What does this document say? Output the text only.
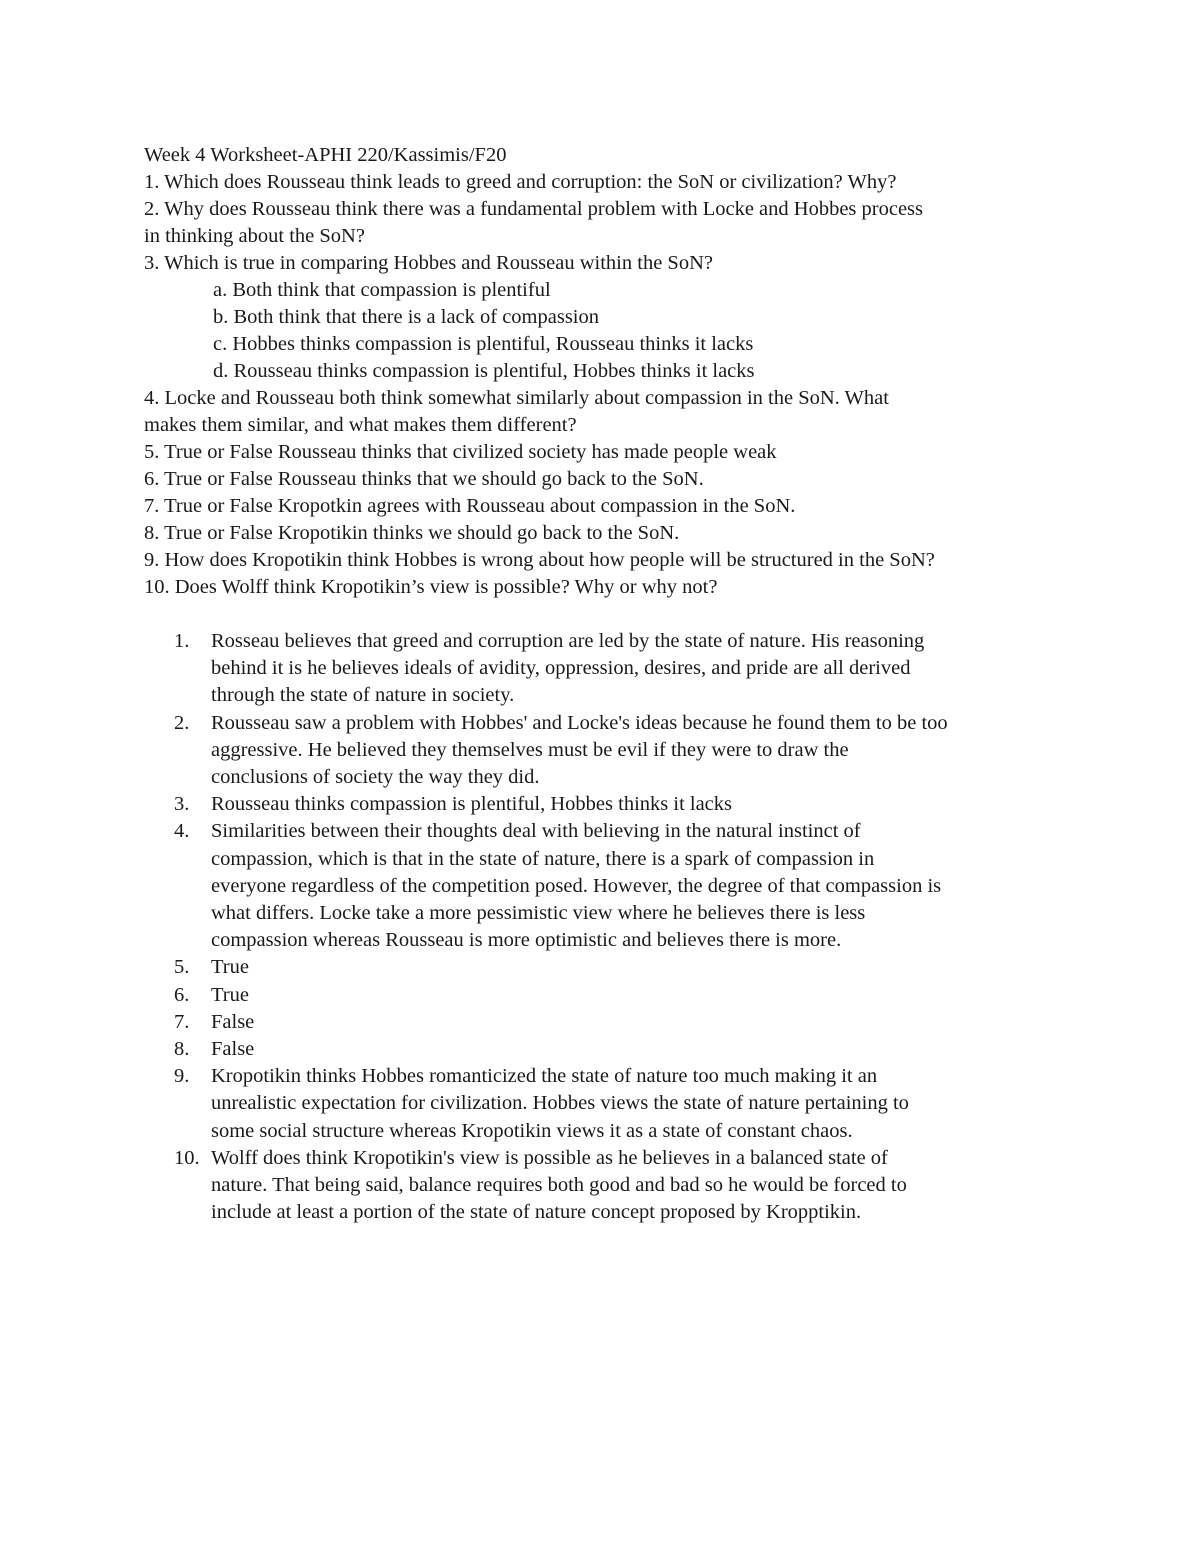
Week 4 Worksheet-APHI 220/Kassimis/F20
1. Which does Rousseau think leads to greed and corruption: the SoN or civilization? Why?
2. Why does Rousseau think there was a fundamental problem with Locke and Hobbes process
in thinking about the SoN?
3. Which is true in comparing Hobbes and Rousseau within the SoN?
a. Both think that compassion is plentiful
b. Both think that there is a lack of compassion
c. Hobbes thinks compassion is plentiful, Rousseau thinks it lacks
d. Rousseau thinks compassion is plentiful, Hobbes thinks it lacks
4. Locke and Rousseau both think somewhat similarly about compassion in the SoN. What
makes them similar, and what makes them different?
5. True or False Rousseau thinks that civilized society has made people weak
6. True or False Rousseau thinks that we should go back to the SoN.
7. True or False Kropotkin agrees with Rousseau about compassion in the SoN.
8. True or False Kropotikin thinks we should go back to the SoN.
9. How does Kropotikin think Hobbes is wrong about how people will be structured in the SoN?
10. Does Wolff think Kropotikin’s view is possible? Why or why not?
1.	Rosseau believes that greed and corruption are led by the state of nature. His reasoning
behind it is he believes ideals of avidity, oppression, desires, and pride are all derived
through the state of nature in society.
2.	Rousseau saw a problem with Hobbes' and Locke's ideas because he found them to be too
aggressive. He believed they themselves must be evil if they were to draw the
conclusions of society the way they did.
3.	Rousseau thinks compassion is plentiful, Hobbes thinks it lacks
4.	Similarities between their thoughts deal with believing in the natural instinct of
compassion, which is that in the state of nature, there is a spark of compassion in
everyone regardless of the competition posed. However, the degree of that compassion is
what differs. Locke take a more pessimistic view where he believes there is less
compassion whereas Rousseau is more optimistic and believes there is more.
5.	True
6.	True
7.	False
8.	False
9.	Kropotikin thinks Hobbes romanticized the state of nature too much making it an
unrealistic expectation for civilization. Hobbes views the state of nature pertaining to
some social structure whereas Kropotikin views it as a state of constant chaos.
10. Wolff does think Kropotikin's view is possible as he believes in a balanced state of
nature. That being said, balance requires both good and bad so he would be forced to
include at least a portion of the state of nature concept proposed by Kropptikin.
